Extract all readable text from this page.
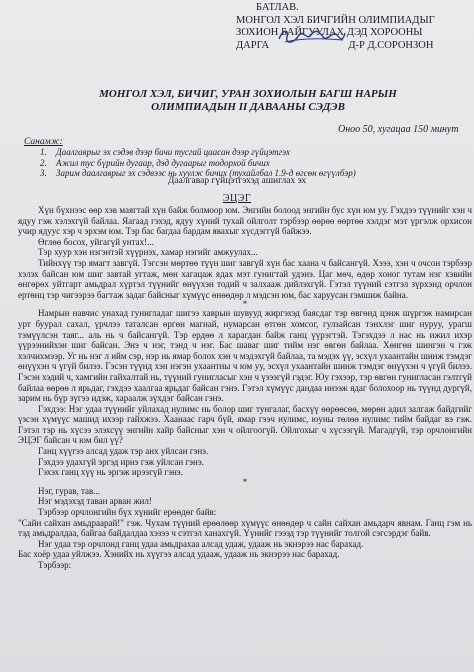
БАТЛАВ.
МОНГОЛ ХЭЛ БИЧГИЙН ОЛИМПИАДЫГ
ЗОХИОН БАЙГУУЛАХ ДЭД ХОРООНЫ
ДАРГА	Д-Р Д.СОРОНЗОН
МОНГОЛ ХЭЛ, БИЧИГ, УРАН ЗОХИОЛЫН БАГШ НАРЫН
ОЛИМПИАДЫН II ДАВААНЫ СЭДЭВ
Оноо 50, хугацаа 150 минут
Санамж:
1. Даалгаврыг эх сэдэв дээр бичи тусгай цаасан дээр гүйцэтгэх
2. Ажил тус бүрийн дугаар, дэд дугаарыг тодорхой бичих
3. Зарим даалгаврыг эх сэдвээс нь хуулж бичих (тухайлбал 1.9-д өгсөн өгүүлбэр)
Даалгавар гүйцэтгэхэд ашиглах эх
ЭЦЭГ

Хүн бүхнээс өөр хэв маягтай хүн байж болмоор юм. Энгийн болоод энгийн бус хүн юм уу. Гэхдээ түүнийг хэн ч ядуу гэж хэлэхгүй байлаа. Яагаад гэхэд, ядуу хүний тухай ойлголт тэрбээр өөрөө өөртөө хэлдэг мэт үргэлж орхисон учир ядуус хэр ч эрхэм юм. Тэр бас багдаа бардам явахыг хүсдэггүй байжээ.

Өглөө босох, уйгагүй унтах!...

Тэр хуур хэн нэгэнтэй хүүрнэх, хамар нэгийг амжуулах...

Тийнхүү тэр ямагт завгүй. Тэгсэн мөртөө түүн шиг завгүй хүн бас хаана ч байсангүй. Хэээ, хэн ч очсон тэрбээр хэлэх байсан юм шиг завтай угтаж, мөн хагацаж ядах мэт гунигтай удэнэ. Цаг мөч, өдөр хоног тутам нэг хэвийн өнгөрөх уйтгарт амьдрал хүртэл түүнийг өнүүхэн тодий ч залхааж дийлэхгүй. Гэтэл түүний сэтгэл зүрхэнд орчлон ертөнц тэр чигээрээ багтаж задаг байсныг хүмүүс өнөөдөр л мэдсэн юм, бас харуусан гэмшиж байна.

*

Намрын навчис унахад гунигладаг шигээ хаврын шувууд жиргэхэд баясдаг тэр өвгөнд цэнж шүргэж намирсан урт буурал сахал, үрчлээ таталсан өргөн магнай, нумарсан өтгөн хомсог, гулзайсан тэнхлэг шиг нуруу, урагш тэмүүлсэн таяг... аль нь ч байсангүй. Тэр ердөө л харагдан байж ганц үүрэгтэй. Тэгэхдээ л нас нь ижил ихэр үүрээнийхэн шиг байсан. Энэ ч нэг, тэнд ч нэг. Бас шаваг шиг тийм нэг өвгөн байлаа. Хөнгөн шингэн ч гэж хэлчихмээр. Уг нь нэг л ийм сэр, нэр нь ямар болох хэн ч мэдэхгүй байлаа, та мэдэх үү, эсхүл ухаантайн шинж тэмдэг өнүүхэн ч үгүй билээ. Гэсэн түүнд хэн нэгэн ухаантны ч юм уу, эсхүл ухаантайн шинж тэмдэг өнүүхэн ч үгүй билээ. Гэсэн хэдий ч, хамгийн гайхалтай нь, түүний гунигласыг хэн ч үзээгүй гэдэг. Юу гэхээр, тэр өвгөн гунигласан гэлтгүй байлаа өөрөө л ярьдаг, гэхдээ хаалгаа ярьдаг байсан гэнэ. Гэтэл хүмүүс дандаа инээж ядаг болохоор нь түүнд дургүй, зарим нь бүр зүгээ идэж, хараалж зүхдэг байсан гэнэ.

Гэхдээ: Нэг удаа түүнийг уйлахад нулимс нь болор шиг тунгалаг, басхүү өөрөөсөө, мөрөн адил залгаж байдгийг үзсэн хүмүүс машид ихээр гайхжээ. Хаанаас гарч бүй, ямар гээч нулимс, юуны төлөө нулимс тийм байдаг вэ гэж. Гэтэл тэр нь хүсээ элэхсүү энгийн хайр байсныг хэн ч ойлгоогүй. Ойлгохыг ч хүсээгүй. Магадгүй, тэр орчлонгийн ЭЦЭГ байсан ч юм бил үү?

Ганц хүүгээ алсад удаж тэр анх уйлсан гэнэ.

Гэхдээ удахгүй эргэд ирнэ гэж уйлсан гэнэ.

Гэхэх ганц хүү нь эргэж ирээгүй гэнэ.

*

Нэг, гурав, тав...

Нэг мэдэхэд таван арван жил!

Тэрбээр орчлонгийн бүх хүнийг ерөөдөг байв:

"Сайн сайхан амьдраарай!" гэж. Чухам түүний ерөөлөөр хүмүүс өнөөдөр ч сайн сайхан амьдарч явнам. Ганц гэм нь тэд амьдралдаа, байгаа байдалдаа хэзээ ч сэтгэл ханахгүй. Үүнийг гэээд тэр түүнийг толгой сэгсэрдэг байв.

Нэг удаа тэр орчлонд ганц удаа амьдрахаа алсад удаж, удааж нь экнэрээ нас барахад.

Бас хоёр удаа уйлжээ. Хэнийх нь хүүгээ алсад удааж, удааж нь экнэрээ нас барахад.

Тэрбээр:
